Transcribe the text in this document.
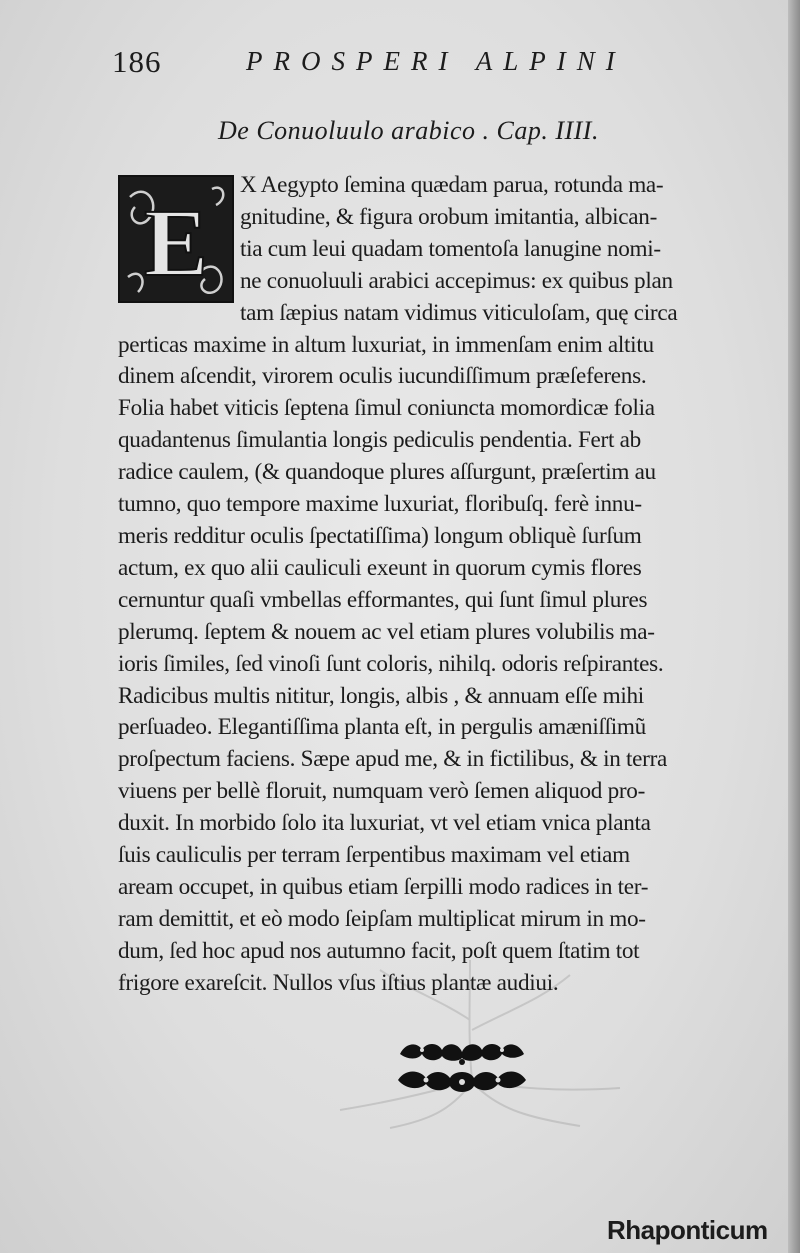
186	PROSPERI ALPINI
De Conuoluulo arabico . Cap. IIII.
E
X Aegypto ſemina quædam parua, rotunda ma-
gnitudine, & figura orobum imitantia, albican-
tia cum leui quadam tomentoſa lanugine nomi-
ne conuoluuli arabici accepimus: ex quibus plan
tam ſæpius natam vidimus viticuloſam, quę circa
perticas maxime in altum luxuriat, in immenſam enim altitu
dinem aſcendit, virorem oculis iucundiſſimum præſeferens.
Folia habet viticis ſeptena ſimul coniuncta momordicæ folia
quadantenus ſimulantia longis pediculis pendentia. Fert ab
radice caulem, (& quandoque plures aſſurgunt, præſertim au
tumno, quo tempore maxime luxuriat, floribuſq. ferè innu-
meris redditur oculis ſpectatiſſima) longum obliquè ſurſum
actum, ex quo alii cauliculi exeunt in quorum cymis flores
cernuntur quaſi vmbellas efformantes, qui ſunt ſimul plures
plerumq. ſeptem & nouem ac vel etiam plures volubilis ma-
ioris ſimiles, ſed vinoſi ſunt coloris, nihilq. odoris reſpirantes.
Radicibus multis nititur, longis, albis , & annuam eſſe mihi
perſuadeo. Elegantiſſima planta eſt, in pergulis amæniſſimũ
proſpectum faciens. Sæpe apud me, & in fictilibus, & in terra
viuens per bellè floruit, numquam verò ſemen aliquod pro-
duxit. In morbido ſolo ita luxuriat, vt vel etiam vnica planta
ſuis cauliculis per terram ſerpentibus maximam vel etiam
aream occupet, in quibus etiam ſerpilli modo radices in ter-
ram demittit, et eò modo ſeipſam multiplicat mirum in mo-
dum, ſed hoc apud nos autumno facit, poſt quem ſtatim tot
frigore exareſcit. Nullos vſus iſtius plantæ audiui.
Rhaponticum
